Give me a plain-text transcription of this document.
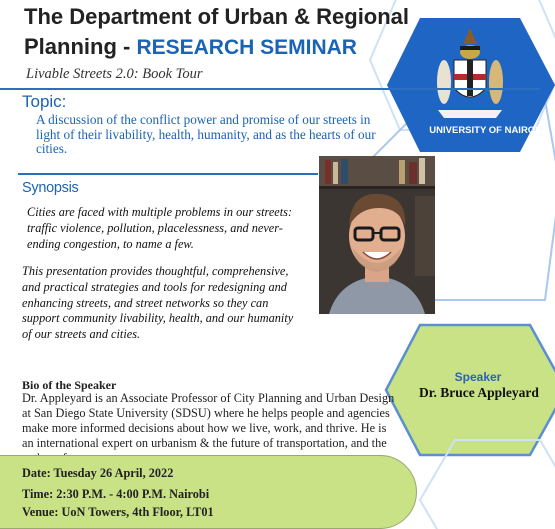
UNIVERSITY OF NAIROBI
The Department of Urban & Regional
Planning - RESEARCH SEMINAR
Livable Streets 2.0: Book Tour
Topic:
A discussion of the conflict power and promise of our streets in light of their livability, health, humanity, and as the hearts of our cities.
Synopsis
Cities are faced with multiple problems in our streets: traffic violence, pollution, placelessness, and never-ending congestion, to name a few.
This presentation provides thoughtful, comprehensive, and practical strategies and tools for redesigning and enhancing streets, and street networks so they can support community livability, health, and our humanity of our streets and cities.
Bio of the Speaker
Dr. Appleyard is an Associate Professor of City Planning and Urban Design at San Diego State University (SDSU) where he helps people and agencies make more informed decisions about how we live, work, and thrive. He is an international expert on urbanism & the future of transportation, and the
Date: Tuesday 26 April, 2022
Time: 2:30 P.M. - 4:00 P.M. Nairobi
Venue: UoN Towers, 4th Floor, LT01
Speaker
Dr. Bruce Appleyard
